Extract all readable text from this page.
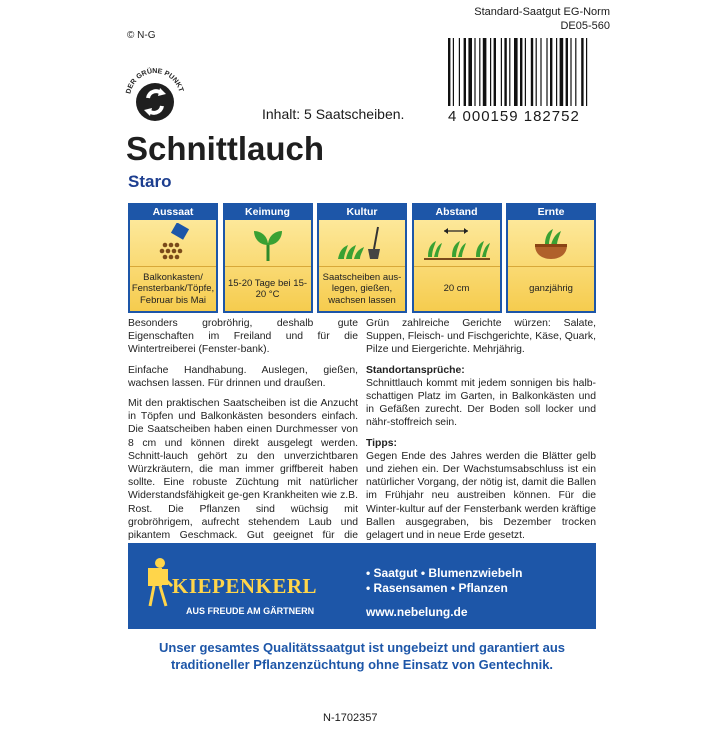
© N-G
Standard-Saatgut EG-Norm
DE05-560
DER GRÜNE PUNKT
4 000159 182752
Inhalt: 5 Saatscheiben.
Schnittlauch
Staro
Aussaat
Balkonkasten/ Fensterbank/Töpfe, Februar bis Mai
Keimung
15-20 Tage bei 15-20 °C
Kultur
Saatscheiben aus-legen, gießen, wachsen lassen
Abstand
20 cm
Ernte
ganzjährig

Besonders grobröhrig, deshalb gute Eigenschaften im Freiland und für die Wintertreiberei (Fenster-bank).

Einfache Handhabung. Auslegen, gießen, wachsen lassen. Für drinnen und draußen.

Mit den praktischen Saatscheiben ist die Anzucht in Töpfen und Balkonkästen besonders einfach. Die Saatscheiben haben einen Durchmesser von 8 cm und können direkt ausgelegt werden. Schnitt-lauch gehört zu den unverzichtbaren Würzkräutern, die man immer griffbereit haben sollte. Eine robuste Züchtung mit natürlicher Widerstandsfähigkeit ge-gen Krankheiten wie z.B. Rost. Die Pflanzen sind wüchsig mit grobröhrigem, aufrecht stehendem Laub und pikantem Geschmack. Gut geeignet für die

Grün zahlreiche Gerichte würzen: Salate, Suppen, Fleisch- und Fischgerichte, Käse, Quark, Pilze und Eiergerichte. Mehrjährig.

Standortansprüche:

Schnittlauch kommt mit jedem sonnigen bis halb-schattigen Platz im Garten, in Balkonkästen und in Gefäßen zurecht. Der Boden soll locker und nähr-stoffreich sein.

Tipps:

Gegen Ende des Jahres werden die Blätter gelb und ziehen ein. Der Wachstumsabschluss ist ein natürlicher Vorgang, der nötig ist, damit die Ballen im Frühjahr neu austreiben können. Für die Winter-kultur auf der Fensterbank werden kräftige Ballen ausgegraben, bis Dezember trocken gelagert und in neue Erde gesetzt.

KIEPENKERL
AUS FREUDE AM GÄRTNERN
• Saatgut • Blumenzwiebeln
• Rasensamen • Pflanzen
www.nebelung.de
Unser gesamtes Qualitätssaatgut ist ungebeizt und garantiert aus
traditioneller Pflanzenzüchtung ohne Einsatz von Gentechnik.
N-1702357
